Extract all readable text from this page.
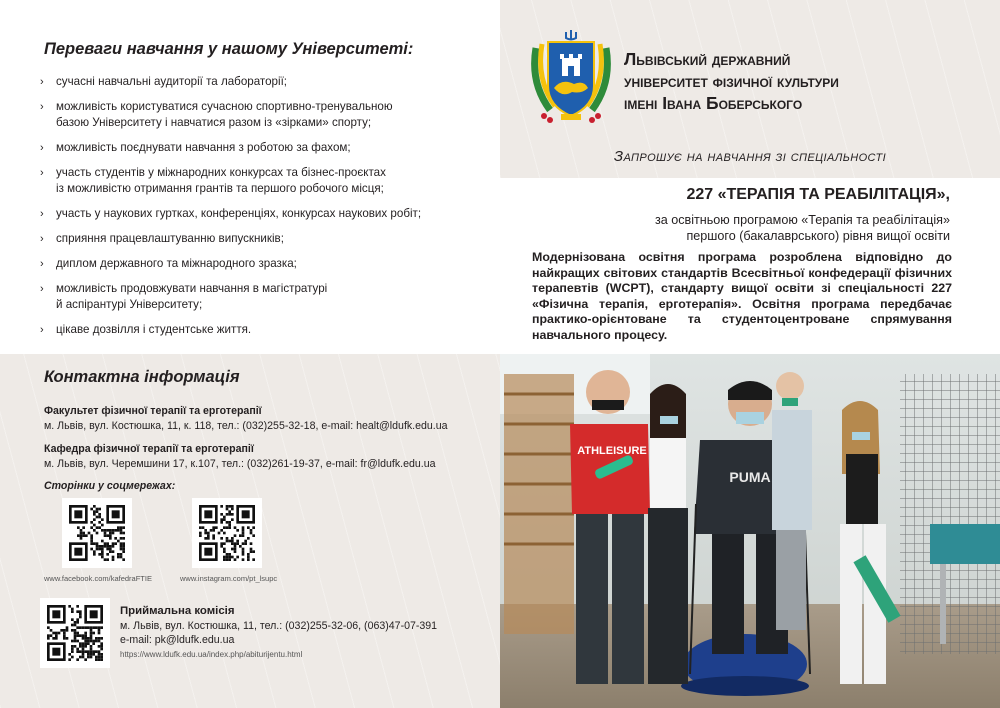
Переваги навчання у нашому Університеті:
› сучасні навчальні аудиторії та лабораторії;
› можливість користуватися сучасною спортивно-тренувальною
базою Університету і навчатися разом із «зірками» спорту;
› можливість поєднувати навчання з роботою за фахом;
› участь студентів у міжнародних конкурсах та бізнес-проєктах
із можливістю отримання грантів та першого робочого місця;
› участь у наукових гуртках, конференціях, конкурсах наукових робіт;
› сприяння працевлаштуванню випускників;
› диплом державного та міжнародного зразка;
› можливість продовжувати навчання в магістратурі
й аспірантурі Університету;
› цікаве дозвілля і студентське життя.
Контактна інформація
Факультет фізичної терапії та ерготерапії
м. Львів, вул. Костюшка, 11, к. 118, тел.: (032)255-32-18, e-mail: healt@ldufk.edu.ua
Кафедра фізичної терапії та ерготерапії
м. Львів, вул. Черемшини 17, к.107, тел.: (032)261-19-37, e-mail: fr@ldufk.edu.ua
Сторінки у соцмережах:
www.facebook.com/kafedraFTIE	www.instagram.com/pt_lsupc
Приймальна комісія
м. Львів, вул. Костюшка, 11, тел.: (032)255-32-06, (063)47-07-391
e-mail: pk@ldufk.edu.ua
https://www.ldufk.edu.ua/index.php/abiturijentu.html
Львівський державний
університет фізичної культури
імені Івана Боберського
Запрошує на навчання зі спеціальності
227 «ТЕРАПІЯ ТА РЕАБІЛІТАЦІЯ»,
за освітньою програмою «Терапія та реабілітація»
першого (бакалаврського) рівня вищої освіти

Модернізована освітня програма розроблена відповідно до найкращих світових стандартів Всесвітньої конфедерації фізичних терапевтів (WCPT), стандарту вищої освіти зі спеціальності 227 «Фізична терапія, ерготерапія». Освітня програма передбачає практико-орієнтоване та студентоцентроване спрямування навчального процесу.

ATHLEISURE
PUMA
